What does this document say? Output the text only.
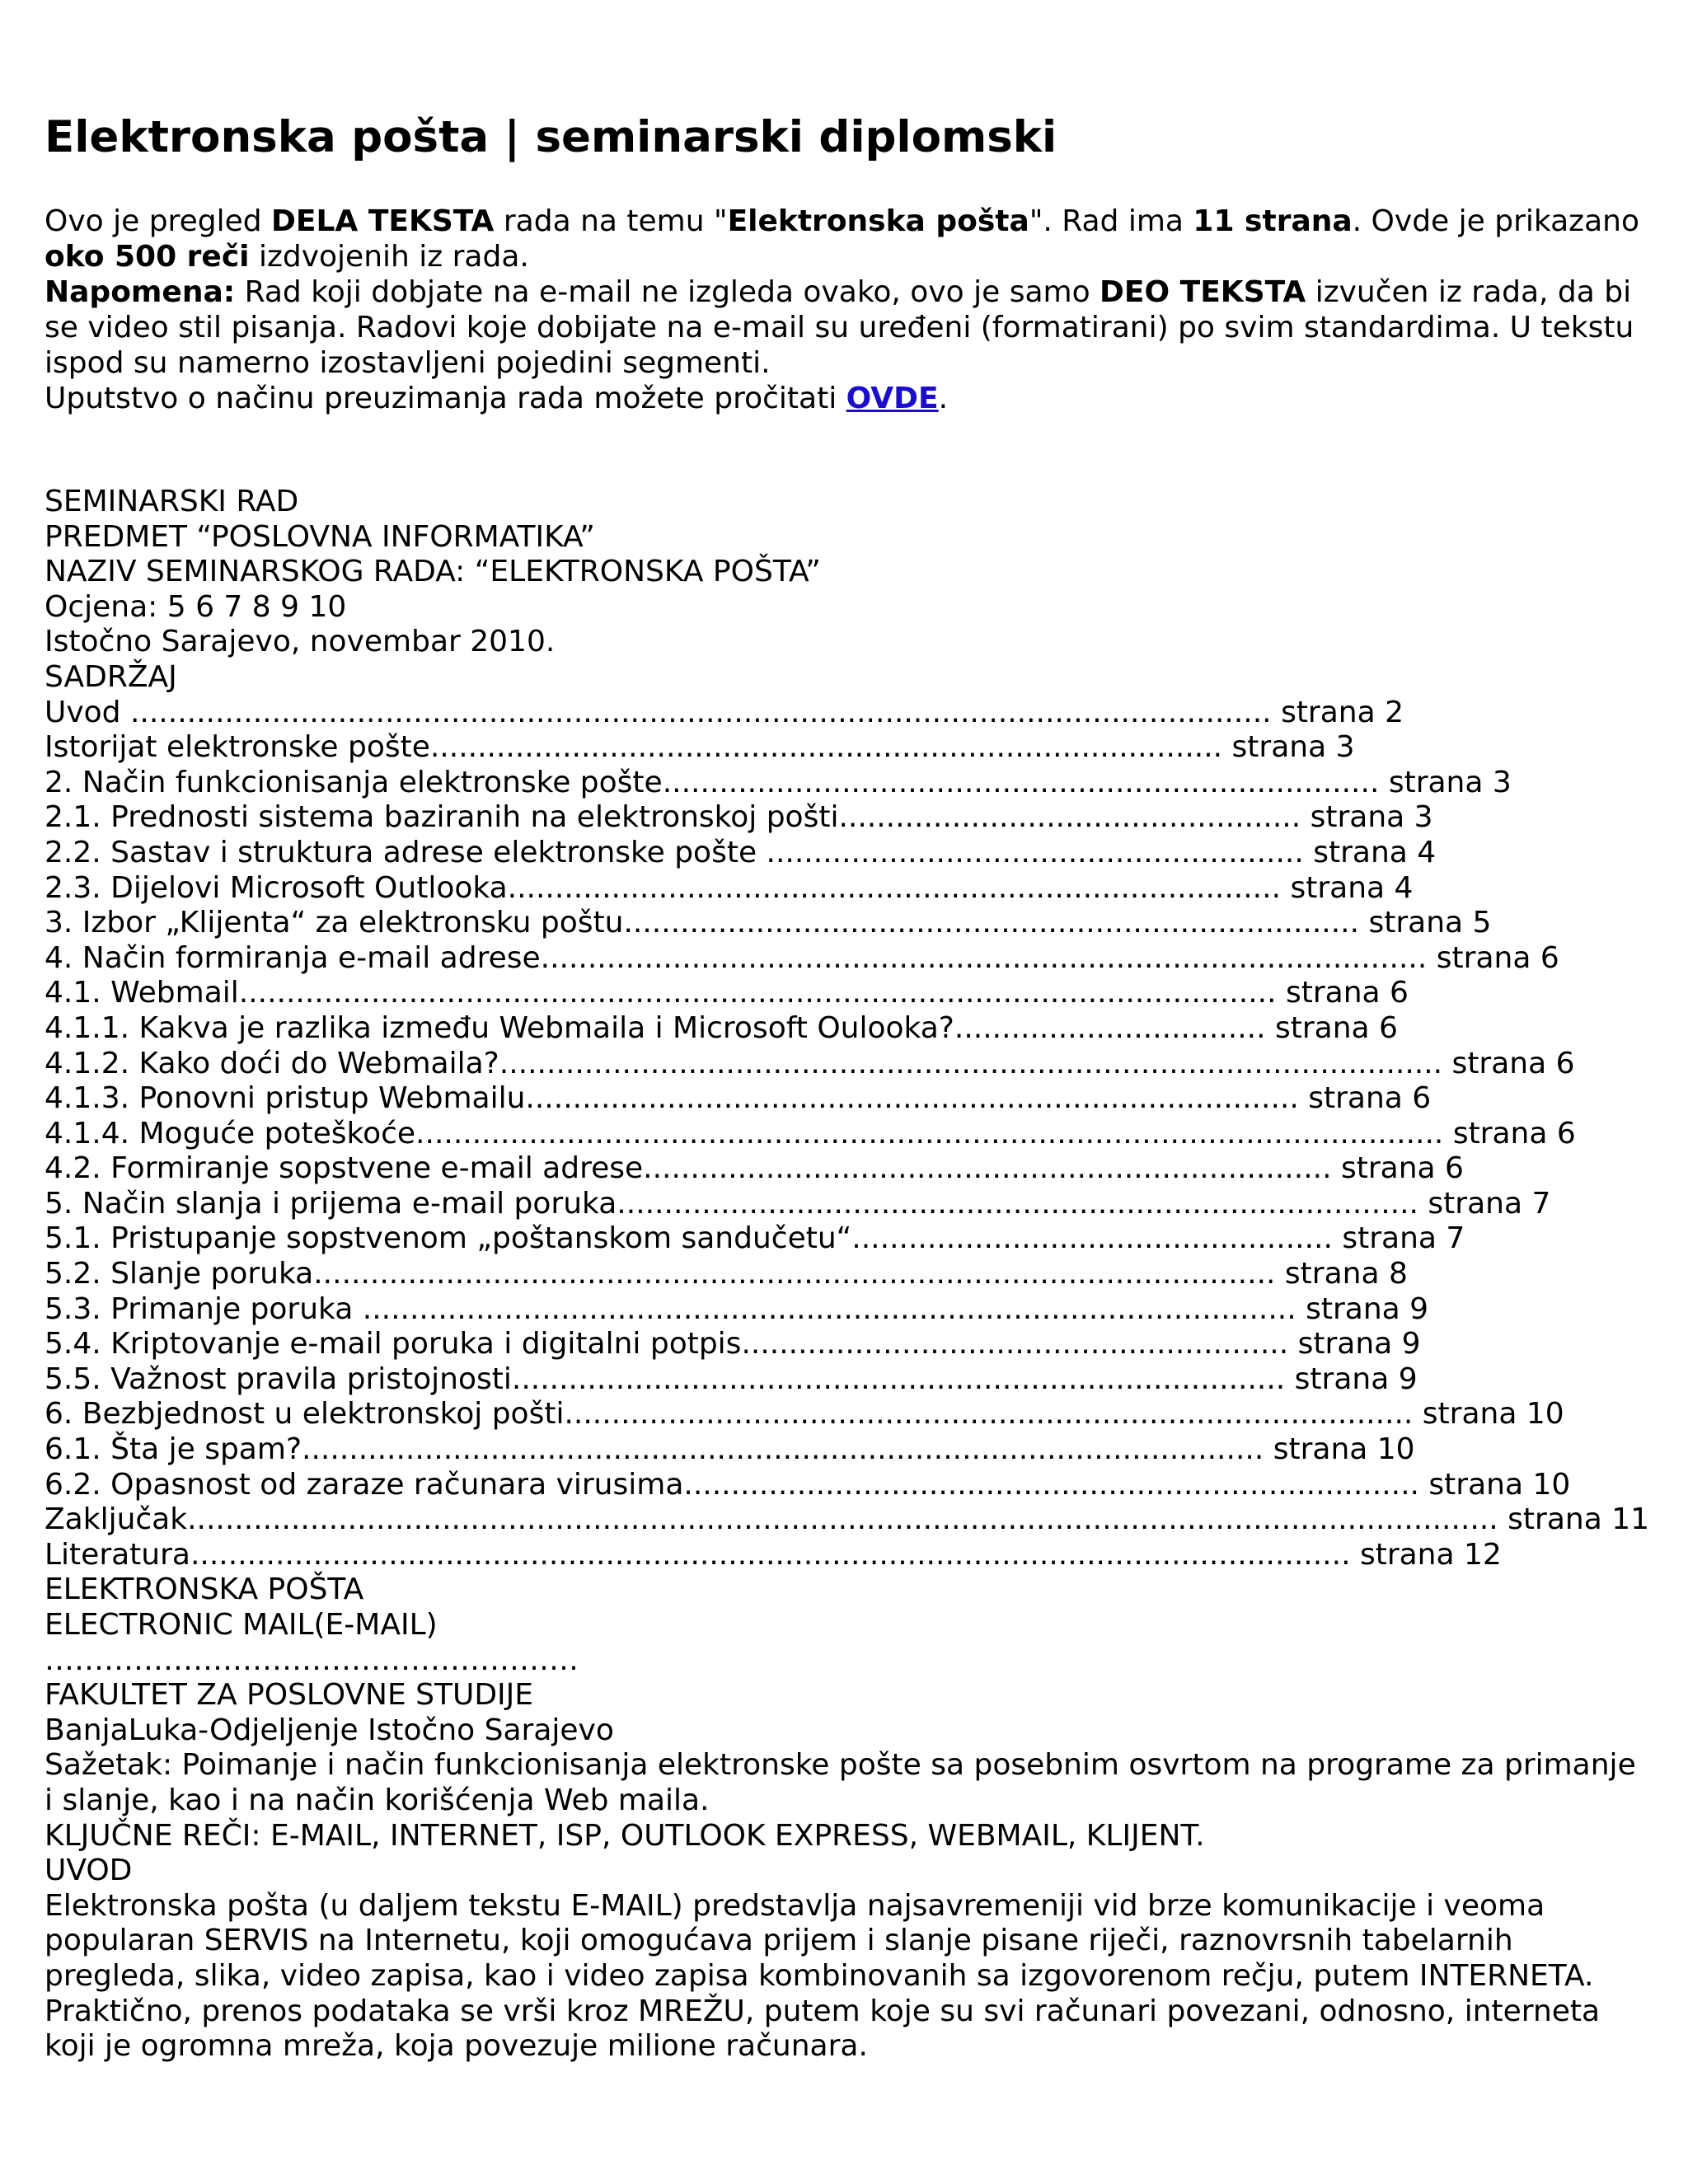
Elektronska pošta | seminarski diplomski

Ovo je pregled DELA TEKSTA rada na temu "Elektronska pošta". Rad ima 11 strana. Ovde je prikazano oko 500 reči izdvojenih iz rada.

Napomena: Rad koji dobjate na e-mail ne izgleda ovako, ovo je samo DEO TEKSTA izvučen iz rada, da bi se video stil pisanja. Radovi koje dobijate na e-mail su uređeni (formatirani) po svim standardima. U tekstu ispod su namerno izostavljeni pojedini segmenti.

Uputstvo o načinu preuzimanja rada možete pročitati OVDE.

SEMINARSKI RAD
PREDMET “POSLOVNA INFORMATIKA”
NAZIV SEMINARSKOG RADA: “ELEKTRONSKA POŠTA”
Ocjena: 5 6 7 8 9 10
Istočno Sarajevo, novembar 2010.
SADRŽAJ
Uvod ......................................................................................................................... strana 2
Istorijat elektronske pošte.................................................................................... strana 3
2. Način funkcionisanja elektronske pošte............................................................................ strana 3
2.1. Prednosti sistema baziranih na elektronskoj pošti................................................. strana 3
2.2. Sastav i struktura adrese elektronske pošte ......................................................... strana 4
2.3. Dijelovi Microsoft Outlooka.................................................................................. strana 4
3. Izbor „Klijenta“ za elektronsku poštu.............................................................................. strana 5
4. Način formiranja e-mail adrese.............................................................................................. strana 6
4.1. Webmail.............................................................................................................. strana 6
4.1.1. Kakva je razlika između Webmaila i Microsoft Oulooka?................................. strana 6
4.1.2. Kako doći do Webmaila?.................................................................................................... strana 6
4.1.3. Ponovni pristup Webmailu.................................................................................. strana 6
4.1.4. Moguće poteškoće............................................................................................................. strana 6
4.2. Formiranje sopstvene e-mail adrese......................................................................... strana 6
5. Način slanja i prijema e-mail poruka..................................................................................... strana 7
5.1. Pristupanje sopstvenom „poštanskom sandučetu“................................................... strana 7
5.2. Slanje poruka...................................................................................................... strana 8
5.3. Primanje poruka ................................................................................................... strana 9
5.4. Kriptovanje e-mail poruka i digitalni potpis.......................................................... strana 9
5.5. Važnost pravila pristojnosti.................................................................................. strana 9
6. Bezbjednost u elektronskoj pošti.......................................................................................... strana 10
6.1. Šta je spam?...................................................................................................... strana 10
6.2. Opasnost od zaraze računara virusima.............................................................................. strana 10
Zaključak........................................................................................................................................... strana 11
Literatura........................................................................................................................... strana 12
ELEKTRONSKA POŠTA
ELECTRONIC MAIL(E-MAIL)
………………………………………………
FAKULTET ZA POSLOVNE STUDIJE
BanjaLuka-Odjeljenje Istočno Sarajevo
Sažetak: Poimanje i način funkcionisanja elektronske pošte sa posebnim osvrtom na programe za primanje i slanje, kao i na način korišćenja Web maila.
KLJUČNE REČI: E-MAIL, INTERNET, ISP, OUTLOOK EXPRESS, WEBMAIL, KLIJENT.
UVOD
Elektronska pošta (u daljem tekstu E-MAIL) predstavlja najsavremeniji vid brze komunikacije i veoma popularan SERVIS na Internetu, koji omogućava prijem i slanje pisane riječi, raznovrsnih tabelarnih pregleda, slika, video zapisa, kao i video zapisa kombinovanih sa izgovorenom rečju, putem INTERNETA. Praktično, prenos podataka se vrši kroz MREŽU, putem koje su svi računari povezani, odnosno, interneta koji je ogromna mreža, koja povezuje milione računara.
